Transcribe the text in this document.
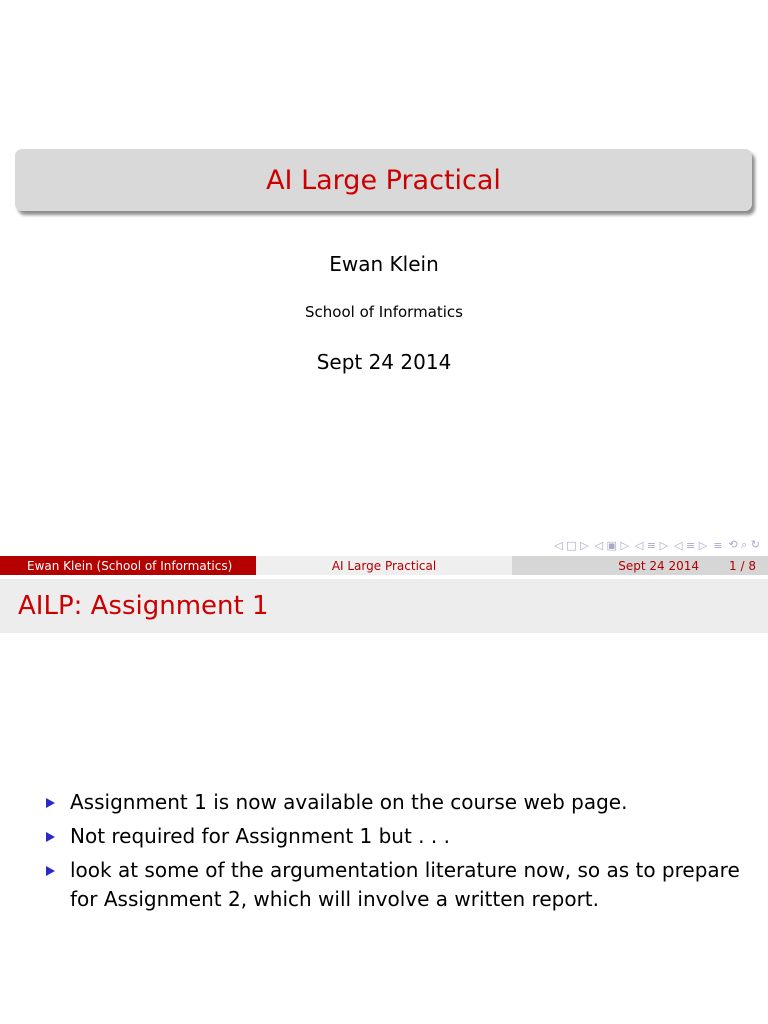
AI Large Practical
Ewan Klein
School of Informatics
Sept 24 2014
◁ □ ▷ ◁ ▣ ▷ ◁ ≡ ▷ ◁ ≡ ▷ ≡ ⟲ ⌕ ↻
Ewan Klein (School of Informatics)	AI Large Practical	Sept 24 2014	1 / 8
AILP: Assignment 1
Assignment 1 is now available on the course web page.
Not required for Assignment 1 but . . .
look at some of the argumentation literature now, so as to prepare for Assignment 2, which will involve a written report.
